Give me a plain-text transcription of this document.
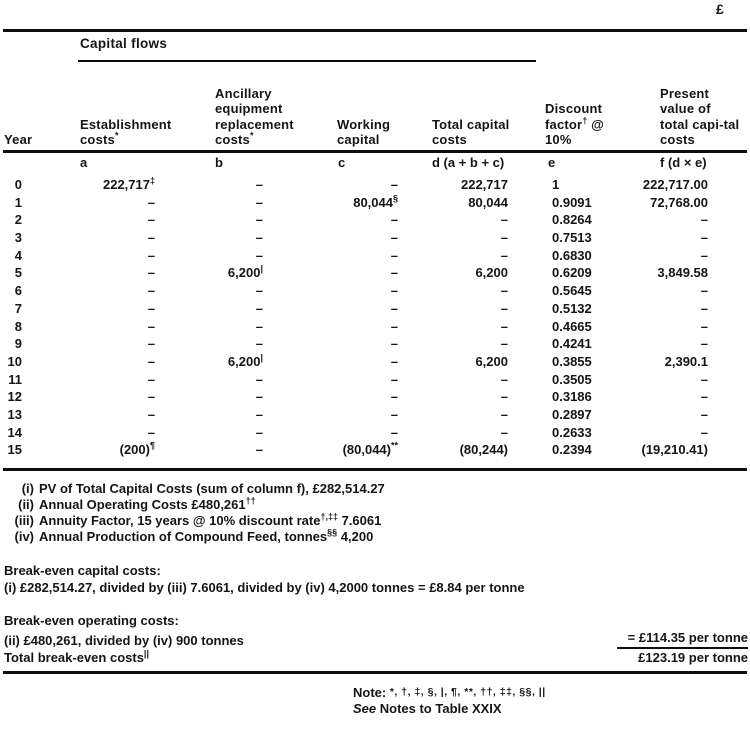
£
Capital flows
Year
Establishment costs*
Ancillary equipment replacement costs*
Working capital
Total capital costs
Discount factor† @ 10%
Present value of total capi-tal costs
a	b	c	d (a + b + c)	e	f (d × e)
0	222,717‡	–	–	222,717	1	222,717.00
1	–	–	80,044§	80,044	0.9091	72,768.00
2	–	–	–	–	0.8264	–
3	–	–	–	–	0.7513	–
4	–	–	–	–	0.6830	–
5	–	6,200|	–	6,200	0.6209	3,849.58
6	–	–	–	–	0.5645	–
7	–	–	–	–	0.5132	–
8	–	–	–	–	0.4665	–
9	–	–	–	–	0.4241	–
10	–	6,200|	–	6,200	0.3855	2,390.1
11	–	–	–	–	0.3505	–
12	–	–	–	–	0.3186	–
13	–	–	–	–	0.2897	–
14	–	–	–	–	0.2633	–
15	(200)¶	–	(80,044)**	(80,244)	0.2394	(19,210.41)
(i) PV of Total Capital Costs (sum of column f), £282,514.27
(ii) Annual Operating Costs £480,261††
(iii) Annuity Factor, 15 years @ 10% discount rate†,‡‡ 7.6061
(iv) Annual Production of Compound Feed, tonnes§§ 4,200
Break-even capital costs:
(i) £282,514.27, divided by (iii) 7.6061, divided by (iv) 4,2000 tonnes = £8.84 per tonne
Break-even operating costs:
(ii) £480,261, divided by (iv) 900 tonnes	= £114.35 per tonne
Total break-even costs||	£123.19 per tonne
Note: *, †, ‡, §, |, ¶, **, ††, ‡‡, §§, ||
See Notes to Table XXIX
